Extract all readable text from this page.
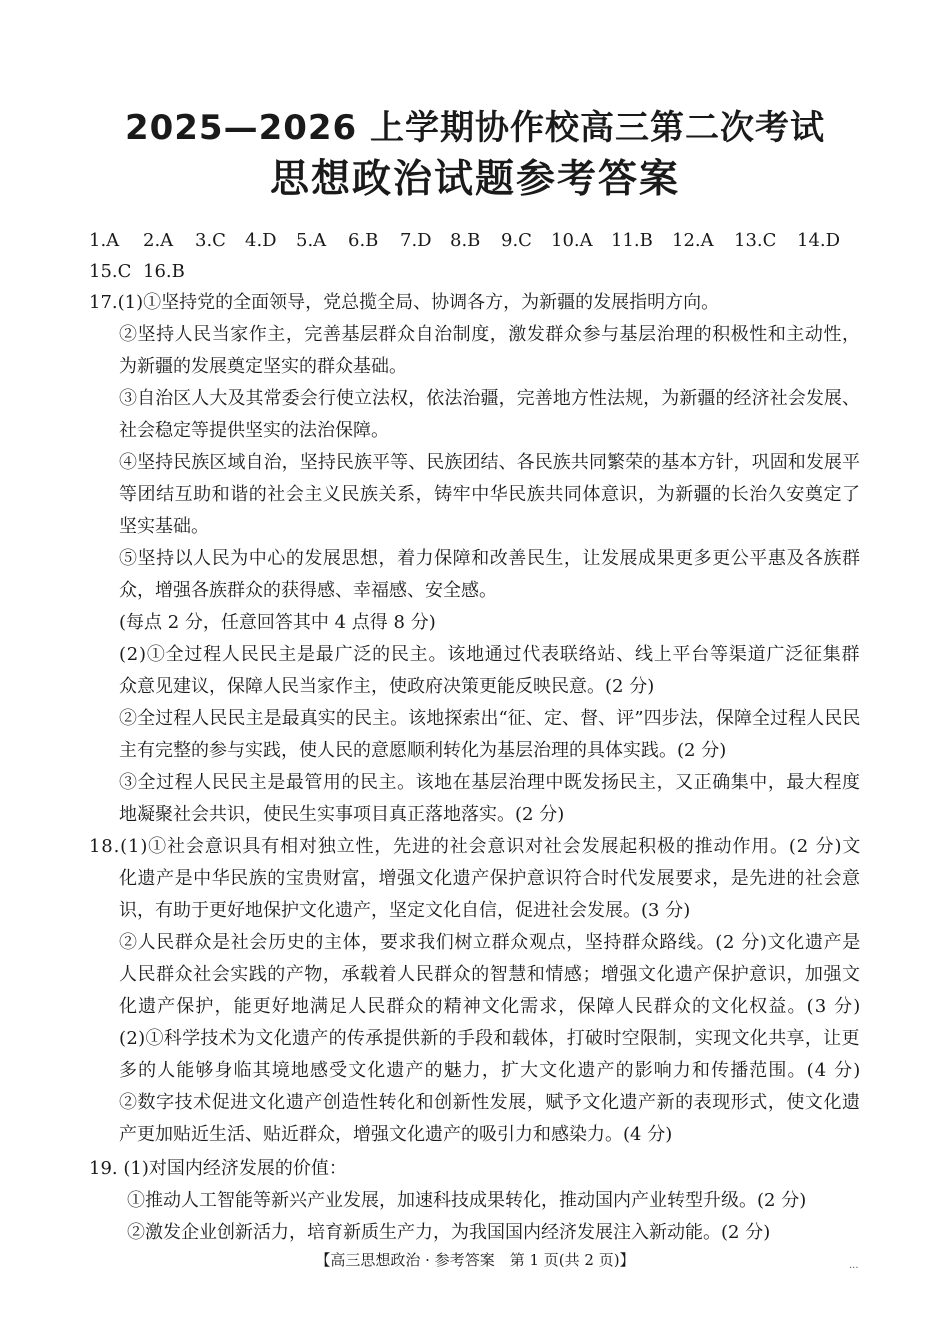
2025—2026 上学期协作校高三第二次考试
思想政治试题参考答案
1.A 2.A 3.C 4.D 5.A 6.B 7.D 8.B 9.C 10.A 11.B 12.A 13.C 14.D
15.C 16.B
17.(1)①坚持党的全面领导，党总揽全局、协调各方，为新疆的发展指明方向。
②坚持人民当家作主，完善基层群众自治制度，激发群众参与基层治理的积极性和主动性，
为新疆的发展奠定坚实的群众基础。
③自治区人大及其常委会行使立法权，依法治疆，完善地方性法规，为新疆的经济社会发展、
社会稳定等提供坚实的法治保障。
④坚持民族区域自治，坚持民族平等、民族团结、各民族共同繁荣的基本方针，巩固和发展平
等团结互助和谐的社会主义民族关系，铸牢中华民族共同体意识，为新疆的长治久安奠定了
坚实基础。
⑤坚持以人民为中心的发展思想，着力保障和改善民生，让发展成果更多更公平惠及各族群
众，增强各族群众的获得感、幸福感、安全感。
(每点 2 分，任意回答其中 4 点得 8 分)
(2)①全过程人民民主是最广泛的民主。该地通过代表联络站、线上平台等渠道广泛征集群
众意见建议，保障人民当家作主，使政府决策更能反映民意。(2 分)
②全过程人民民主是最真实的民主。该地探索出“征、定、督、评”四步法，保障全过程人民民
主有完整的参与实践，使人民的意愿顺利转化为基层治理的具体实践。(2 分)
③全过程人民民主是最管用的民主。该地在基层治理中既发扬民主，又正确集中，最大程度
地凝聚社会共识，使民生实事项目真正落地落实。(2 分)
18.(1)①社会意识具有相对独立性，先进的社会意识对社会发展起积极的推动作用。(2 分)文
化遗产是中华民族的宝贵财富，增强文化遗产保护意识符合时代发展要求，是先进的社会意
识，有助于更好地保护文化遗产，坚定文化自信，促进社会发展。(3 分)
②人民群众是社会历史的主体，要求我们树立群众观点，坚持群众路线。(2 分)文化遗产是
人民群众社会实践的产物，承载着人民群众的智慧和情感；增强文化遗产保护意识，加强文
化遗产保护，能更好地满足人民群众的精神文化需求，保障人民群众的文化权益。(3 分)
(2)①科学技术为文化遗产的传承提供新的手段和载体，打破时空限制，实现文化共享，让更
多的人能够身临其境地感受文化遗产的魅力，扩大文化遗产的影响力和传播范围。(4 分)
②数字技术促进文化遗产创造性转化和创新性发展，赋予文化遗产新的表现形式，使文化遗
产更加贴近生活、贴近群众，增强文化遗产的吸引力和感染力。(4 分)
19. (1)对国内经济发展的价值：
①推动人工智能等新兴产业发展，加速科技成果转化，推动国内产业转型升级。(2 分)
②激发企业创新活力，培育新质生产力，为我国国内经济发展注入新动能。(2 分)
【高三思想政治 · 参考答案　第 1 页(共 2 页)】	...
